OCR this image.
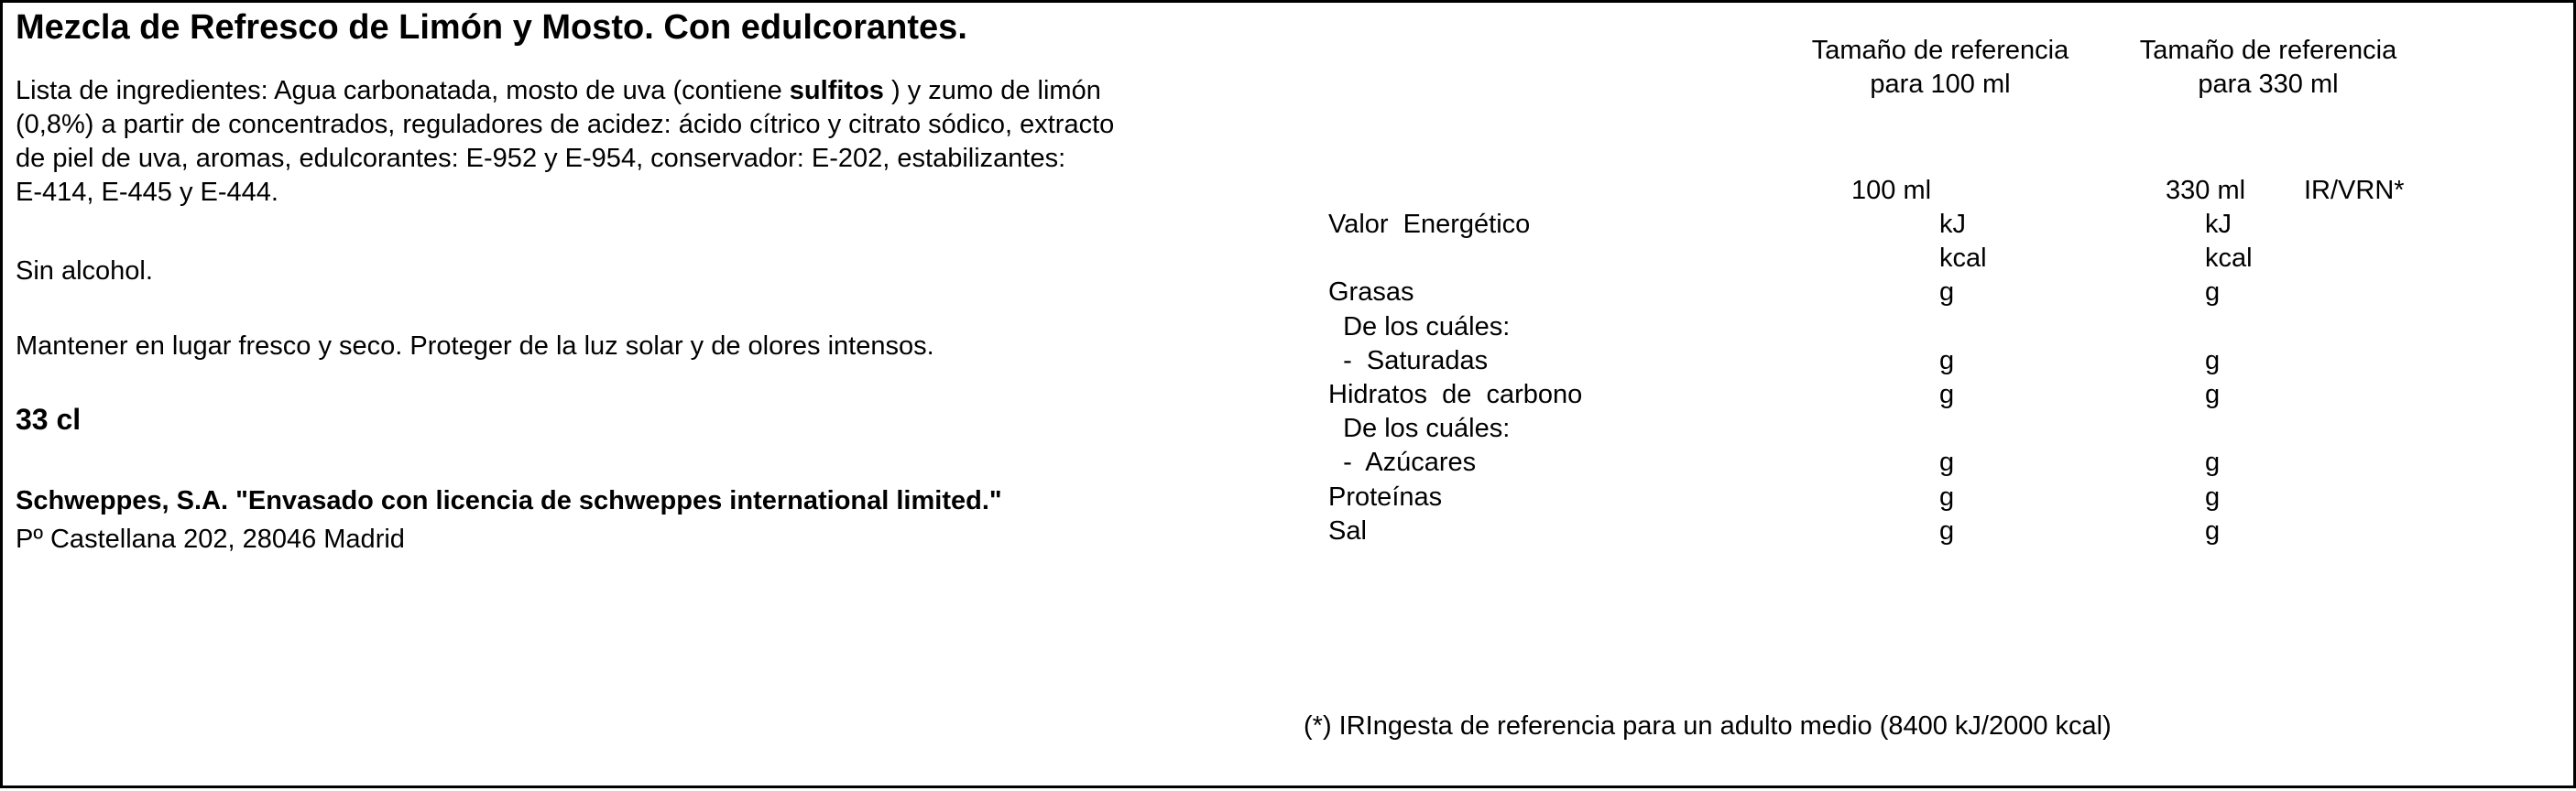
Mezcla de Refresco de Limón y Mosto. Con edulcorantes.
Lista de ingredientes: Agua carbonatada, mosto de uva (contiene sulfitos ) y zumo de limón
(0,8%) a partir de concentrados, reguladores de acidez: ácido cítrico y citrato sódico, extracto
de piel de uva, aromas, edulcorantes: E-952 y E-954, conservador: E-202, estabilizantes:
E-414, E-445 y E-444.
Sin alcohol.
Mantener en lugar fresco y seco. Proteger de la luz solar y de olores intensos.
33 cl
Schweppes, S.A. "Envasado con licencia de schweppes international limited."
Pº Castellana 202, 28046 Madrid
Tamaño de referencia
para 100 ml
Tamaño de referencia
para 330 ml
100 ml	330 ml IR/VRN*
Valor  Energético	kJ	kJ
kcal	kcal
Grasas	g	g
De los cuáles:
-  Saturadas	g	g
Hidratos  de  carbono	g	g
De los cuáles:
-  Azúcares	g	g
Proteínas	g	g
Sal	g	g
(*) IRIngesta de referencia para un adulto medio (8400 kJ/2000 kcal)
